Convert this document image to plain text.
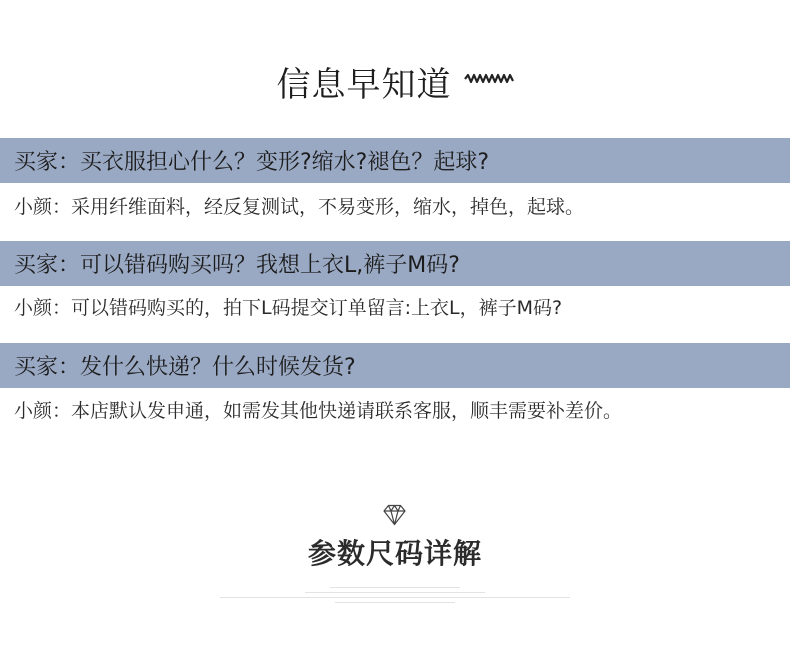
信息早知道
买家：买衣服担心什么？变形?缩水?褪色？起球?
小颜：采用纤维面料，经反复测试，不易变形，缩水，掉色，起球。
买家：可以错码购买吗？我想上衣L,裤子M码?
小颜：可以错码购买的，拍下L码提交订单留言:上衣L，裤子M码?
买家：发什么快递？什么时候发货?
小颜：本店默认发申通，如需发其他快递请联系客服，顺丰需要补差价。
参数尺码详解
